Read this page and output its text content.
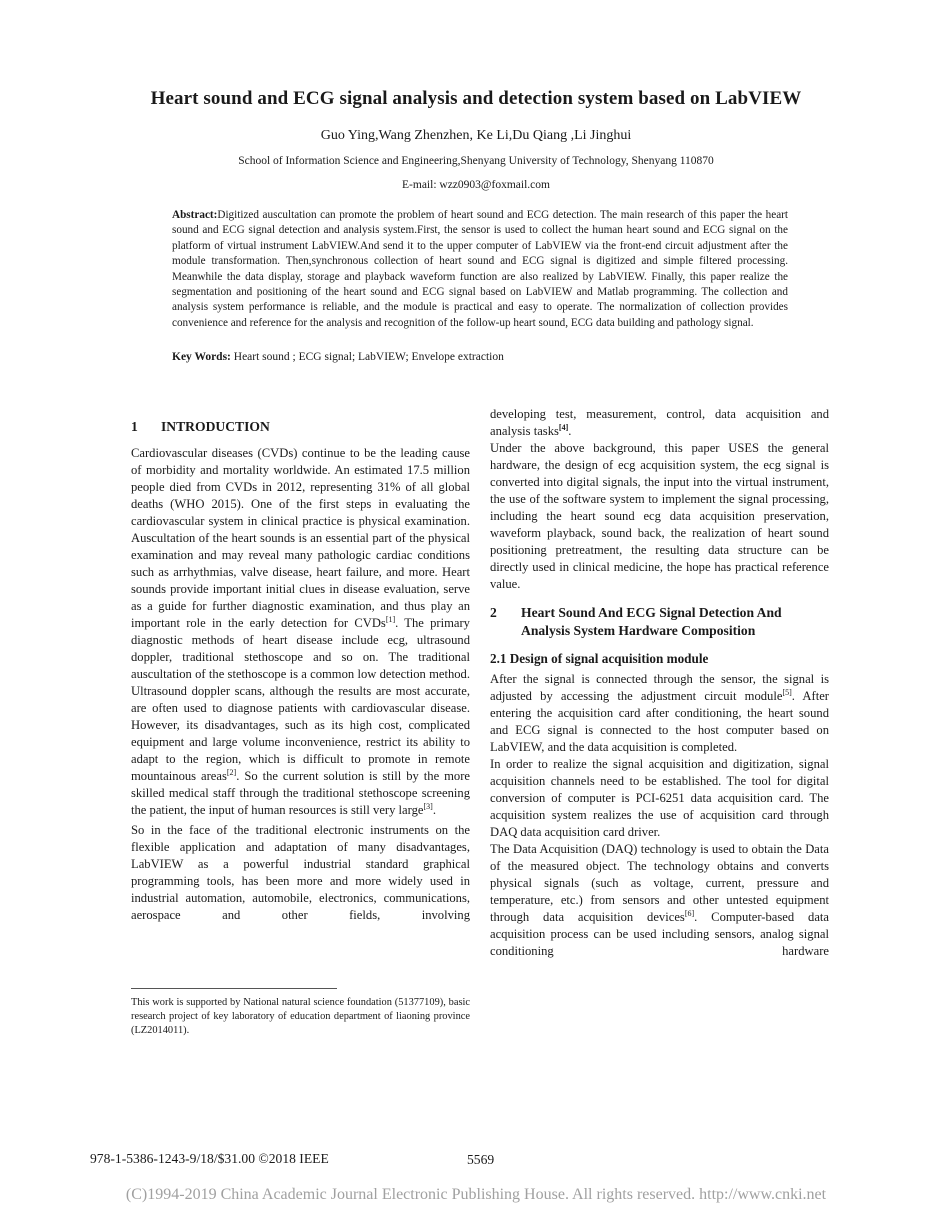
Heart sound and ECG signal analysis and detection system based on LabVIEW
Guo Ying,Wang Zhenzhen, Ke Li,Du Qiang ,Li Jinghui
School of Information Science and Engineering,Shenyang University of Technology, Shenyang 110870
E-mail: wzz0903@foxmail.com
Abstract:Digitized auscultation can promote the problem of heart sound and ECG detection. The main research of this paper the heart sound and ECG signal detection and analysis system.First, the sensor is used to collect the human heart sound and ECG signal on the platform of virtual instrument LabVIEW.And send it to the upper computer of LabVIEW via the front-end circuit adjustment after the module transformation. Then,synchronous collection of heart sound and ECG signal is digitized and simple filtered processing. Meanwhile the data display, storage and playback waveform function are also realized by LabVIEW. Finally, this paper realize the segmentation and positioning of the heart sound and ECG signal based on LabVIEW and Matlab programming. The collection and analysis system performance is reliable, and the module is practical and easy to operate. The normalization of collection provides convenience and reference for the analysis and recognition of the follow-up heart sound, ECG data building and pathology signal.
Key Words: Heart sound ; ECG signal; LabVIEW; Envelope extraction
1 INTRODUCTION

Cardiovascular diseases (CVDs) continue to be the leading cause of morbidity and mortality worldwide. An estimated 17.5 million people died from CVDs in 2012, representing 31% of all global deaths (WHO 2015). One of the first steps in evaluating the cardiovascular system in clinical practice is physical examination. Auscultation of the heart sounds is an essential part of the physical examination and may reveal many pathologic cardiac conditions such as arrhythmias, valve disease, heart failure, and more. Heart sounds provide important initial clues in disease evaluation, serve as a guide for further diagnostic examination, and thus play an important role in the early detection for CVDs[1]. The primary diagnostic methods of heart disease include ecg, ultrasound doppler, traditional stethoscope and so on. The traditional auscultation of the stethoscope is a common low detection method. Ultrasound doppler scans, although the results are most accurate, are often used to diagnose patients with cardiovascular disease. However, its disadvantages, such as its high cost, complicated equipment and large volume inconvenience, restrict its ability to adapt to the region, which is difficult to promote in remote mountainous areas[2]. So the current solution is still by the more skilled medical staff through the traditional stethoscope screening the patient, the input of human resources is still very large[3].

So in the face of the traditional electronic instruments on the flexible application and adaptation of many disadvantages, LabVIEW as a powerful industrial standard graphical programming tools, has been more and more widely used in industrial automation, automobile, electronics, communications, aerospace and other fields, involving

developing test, measurement, control, data acquisition and analysis tasks[4].

Under the above background, this paper USES the general hardware, the design of ecg acquisition system, the ecg signal is converted into digital signals, the input into the virtual instrument, the use of the software system to implement the signal processing, including the heart sound ecg data acquisition preservation, waveform playback, sound back, the realization of heart sound positioning pretreatment, the resulting data structure can be directly used in clinical medicine, the hope has practical reference value.

2	Heart Sound And ECG Signal Detection And Analysis System Hardware Composition
2.1 Design of signal acquisition module

After the signal is connected through the sensor, the signal is adjusted by accessing the adjustment circuit module[5]. After entering the acquisition card after conditioning, the heart sound and ECG signal is connected to the host computer based on LabVIEW, and the data acquisition is completed.

In order to realize the signal acquisition and digitization, signal acquisition channels need to be established. The tool for digital conversion of computer is PCI-6251 data acquisition card. The acquisition system realizes the use of acquisition card through DAQ data acquisition card driver.

The Data Acquisition (DAQ) technology is used to obtain the Data of the measured object. The technology obtains and converts physical signals (such as voltage, current, pressure and temperature, etc.) from sensors and other untested equipment through data acquisition devices[6]. Computer-based data acquisition process can be used including sensors, analog signal conditioning hardware

This work is supported by National natural science foundation (51377109), basic research project of key laboratory of education department of liaoning province (LZ2014011).
978-1-5386-1243-9/18/$31.00 ©2018 IEEE	5569
(C)1994-2019 China Academic Journal Electronic Publishing House. All rights reserved. http://www.cnki.net
